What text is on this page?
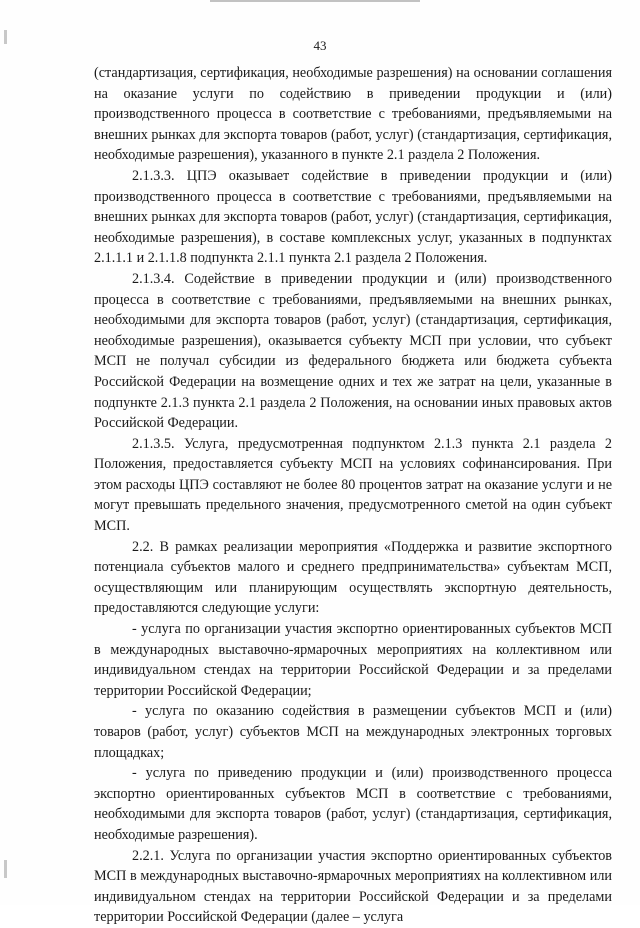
43

(стандартизация, сертификация, необходимые разрешения) на основании соглашения на оказание услуги по содействию в приведении продукции и (или) производственного процесса в соответствие с требованиями, предъявляемыми на внешних рынках для экспорта товаров (работ, услуг) (стандартизация, сертификация, необходимые разрешения), указанного в пункте 2.1 раздела 2 Положения.

2.1.3.3. ЦПЭ оказывает содействие в приведении продукции и (или) производственного процесса в соответствие с требованиями, предъявляемыми на внешних рынках для экспорта товаров (работ, услуг) (стандартизация, сертификация, необходимые разрешения), в составе комплексных услуг, указанных в подпунктах 2.1.1.1 и 2.1.1.8 подпункта 2.1.1 пункта 2.1 раздела 2 Положения.

2.1.3.4. Содействие в приведении продукции и (или) производственного процесса в соответствие с требованиями, предъявляемыми на внешних рынках, необходимыми для экспорта товаров (работ, услуг) (стандартизация, сертификация, необходимые разрешения), оказывается субъекту МСП при условии, что субъект МСП не получал субсидии из федерального бюджета или бюджета субъекта Российской Федерации на возмещение одних и тех же затрат на цели, указанные в подпункте 2.1.3 пункта 2.1 раздела 2 Положения, на основании иных правовых актов Российской Федерации.

2.1.3.5. Услуга, предусмотренная подпунктом 2.1.3 пункта 2.1 раздела 2 Положения, предоставляется субъекту МСП на условиях софинансирования. При этом расходы ЦПЭ составляют не более 80 процентов затрат на оказание услуги и не могут превышать предельного значения, предусмотренного сметой на один субъект МСП.

2.2. В рамках реализации мероприятия «Поддержка и развитие экспортного потенциала субъектов малого и среднего предпринимательства» субъектам МСП, осуществляющим или планирующим осуществлять экспортную деятельность, предоставляются следующие услуги:

- услуга по организации участия экспортно ориентированных субъектов МСП в международных выставочно-ярмарочных мероприятиях на коллективном или индивидуальном стендах на территории Российской Федерации и за пределами территории Российской Федерации;

- услуга по оказанию содействия в размещении субъектов МСП и (или) товаров (работ, услуг) субъектов МСП на международных электронных торговых площадках;

- услуга по приведению продукции и (или) производственного процесса экспортно ориентированных субъектов МСП в соответствие с требованиями, необходимыми для экспорта товаров (работ, услуг) (стандартизация, сертификация, необходимые разрешения).

2.2.1. Услуга по организации участия экспортно ориентированных субъектов МСП в международных выставочно-ярмарочных мероприятиях на коллективном или индивидуальном стендах на территории Российской Федерации и за пределами территории Российской Федерации (далее – услуга
